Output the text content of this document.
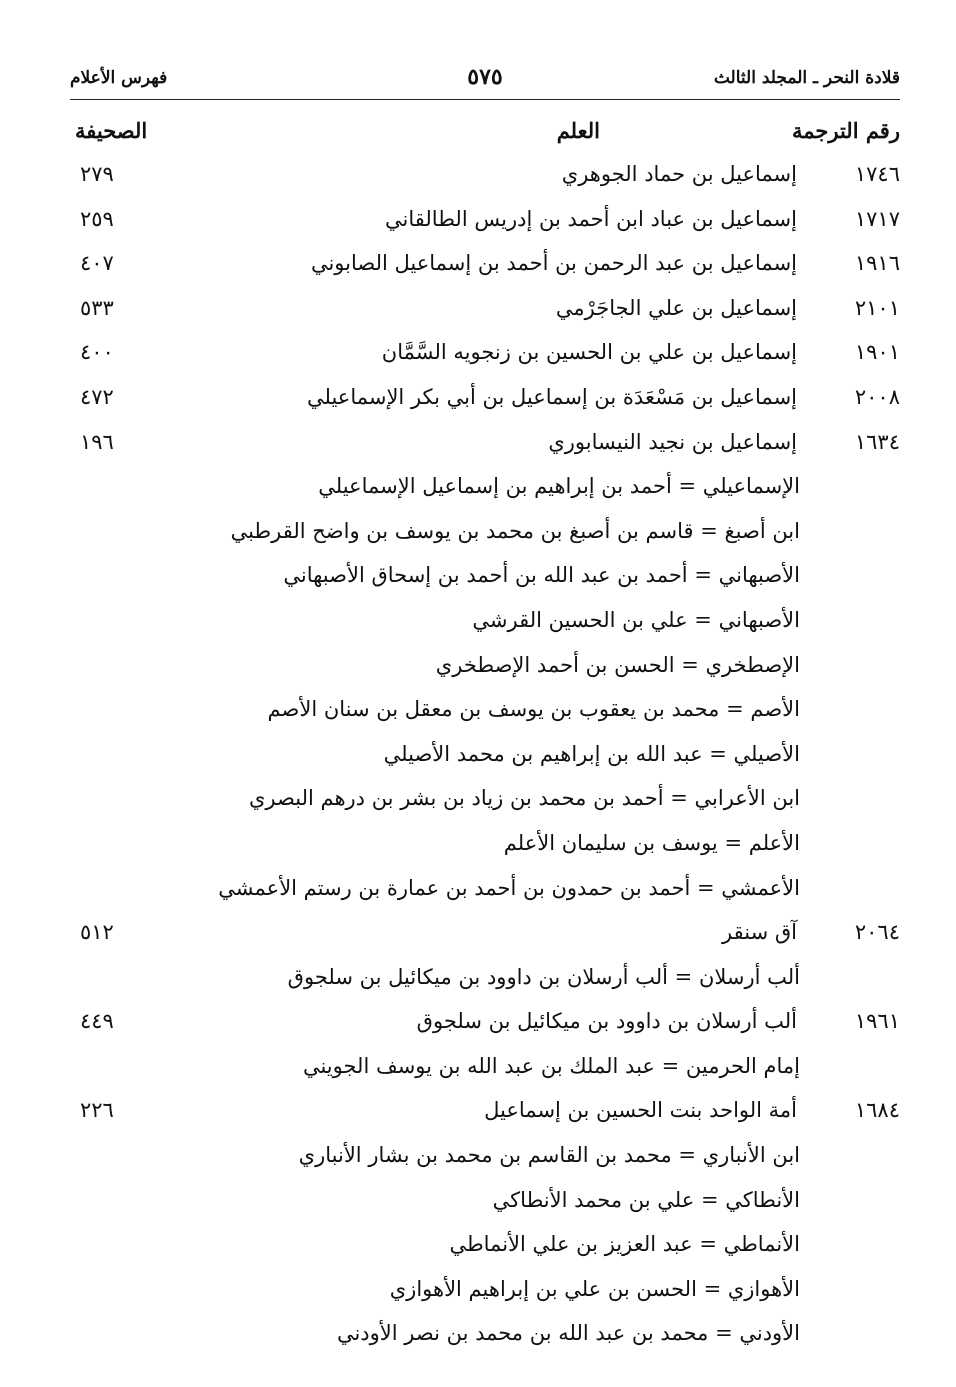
قلادة النحر ـ المجلد الثالث
٥٧٥
فهرس الأعلام
رقم الترجمة
العلم
الصحيفة
١٧٤٦
إسماعيل بن حماد الجوهري
٢٧٩
١٧١٧
إسماعيل بن عباد ابن أحمد بن إدريس الطالقاني
٢٥٩
١٩١٦
إسماعيل بن عبد الرحمن بن أحمد بن إسماعيل الصابوني
٤٠٧
٢١٠١
إسماعيل بن علي الجاجَرْمي
٥٣٣
١٩٠١
إسماعيل بن علي بن الحسين بن زنجويه السَّمَّان
٤٠٠
٢٠٠٨
إسماعيل بن مَسْعَدَة بن إسماعيل بن أبي بكر الإسماعيلي
٤٧٢
١٦٣٤
إسماعيل بن نجيد النيسابوري
١٩٦
الإسماعيلي = أحمد بن إبراهيم بن إسماعيل الإسماعيلي
ابن أصبغ = قاسم بن أصبغ بن محمد بن يوسف بن واضح القرطبي
الأصبهاني = أحمد بن عبد الله بن أحمد بن إسحاق الأصبهاني
الأصبهاني = علي بن الحسين القرشي
الإصطخري = الحسن بن أحمد الإصطخري
الأصم = محمد بن يعقوب بن يوسف بن معقل بن سنان الأصم
الأصيلي = عبد الله بن إبراهيم بن محمد الأصيلي
ابن الأعرابي = أحمد بن محمد بن زياد بن بشر بن درهم البصري
الأعلم = يوسف بن سليمان الأعلم
الأعمشي = أحمد بن حمدون بن أحمد بن عمارة بن رستم الأعمشي
٢٠٦٤
آق سنقر
٥١٢
ألب أرسلان = ألب أرسلان بن داوود بن ميكائيل بن سلجوق
١٩٦١
ألب أرسلان بن داوود بن ميكائيل بن سلجوق
٤٤٩
إمام الحرمين = عبد الملك بن عبد الله بن يوسف الجويني
١٦٨٤
أمة الواحد بنت الحسين بن إسماعيل
٢٢٦
ابن الأنباري = محمد بن القاسم بن محمد بن بشار الأنباري
الأنطاكي = علي بن محمد الأنطاكي
الأنماطي = عبد العزيز بن علي الأنماطي
الأهوازي = الحسن بن علي بن إبراهيم الأهوازي
الأودني = محمد بن عبد الله بن محمد بن نصر الأودني
